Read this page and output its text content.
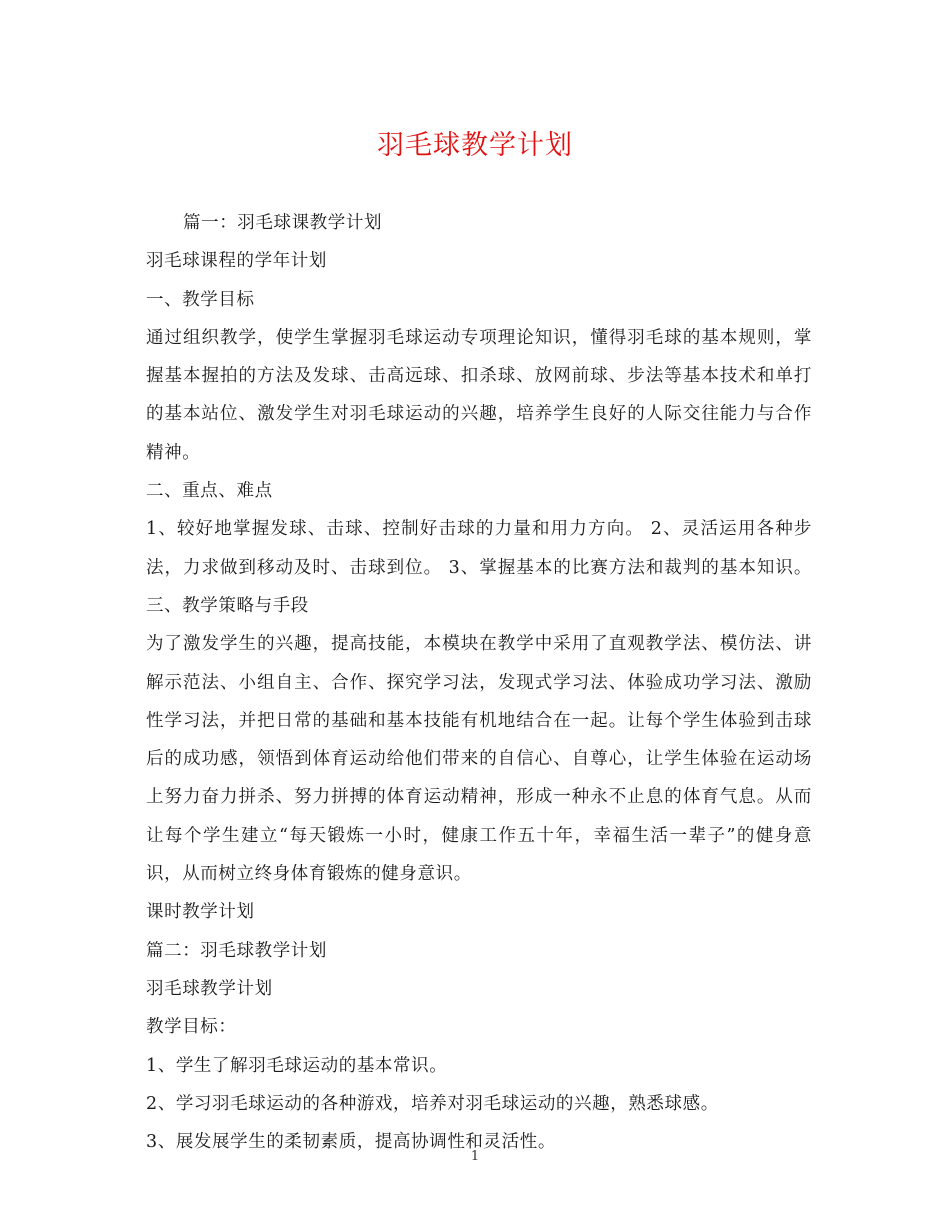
羽毛球教学计划

篇一：羽毛球课教学计划

羽毛球课程的学年计划

一、教学目标

通过组织教学，使学生掌握羽毛球运动专项理论知识，懂得羽毛球的基本规则，掌握基本握拍的方法及发球、击高远球、扣杀球、放网前球、步法等基本技术和单打的基本站位、激发学生对羽毛球运动的兴趣，培养学生良好的人际交往能力与合作精神。

二、重点、难点

1、较好地掌握发球、击球、控制好击球的力量和用力方向。 2、灵活运用各种步法，力求做到移动及时、击球到位。 3、掌握基本的比赛方法和裁判的基本知识。 三、教学策略与手段

为了激发学生的兴趣，提高技能，本模块在教学中采用了直观教学法、模仿法、讲解示范法、小组自主、合作、探究学习法，发现式学习法、体验成功学习法、激励性学习法，并把日常的基础和基本技能有机地结合在一起。让每个学生体验到击球后的成功感，领悟到体育运动给他们带来的自信心、自尊心，让学生体验在运动场上努力奋力拼杀、努力拼搏的体育运动精神，形成一种永不止息的体育气息。从而让每个学生建立“每天锻炼一小时，健康工作五十年，幸福生活一辈子”的健身意识，从而树立终身体育锻炼的健身意识。

课时教学计划

篇二：羽毛球教学计划

羽毛球教学计划

教学目标：

1、学生了解羽毛球运动的基本常识。

2、学习羽毛球运动的各种游戏，培养对羽毛球运动的兴趣，熟悉球感。

3、展发展学生的柔韧素质，提高协调性和灵活性。

1
